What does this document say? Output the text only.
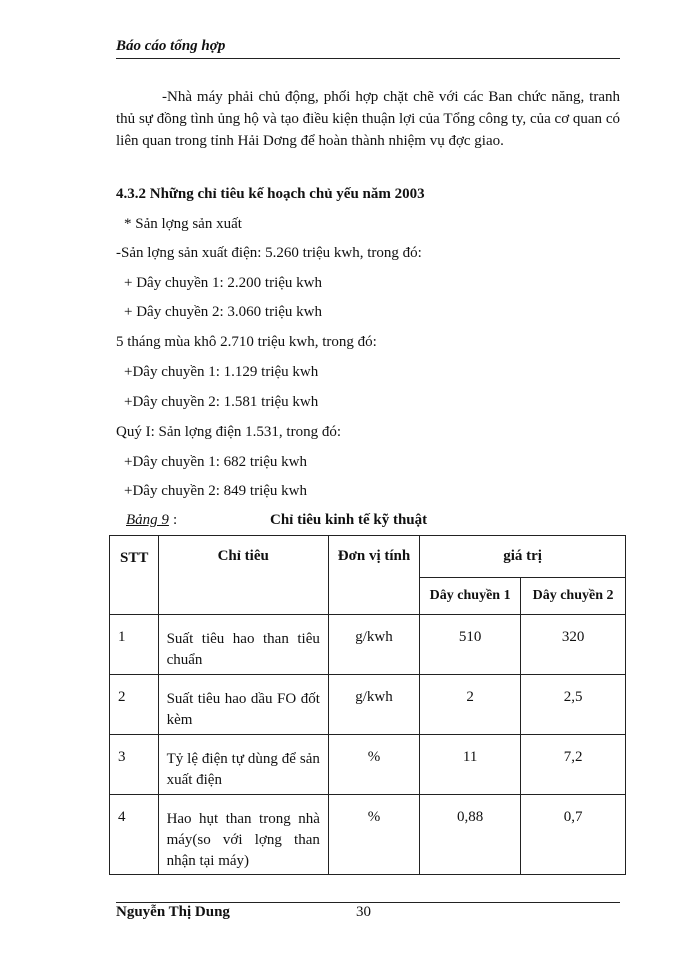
Báo cáo tổng hợp
-Nhà máy phải chủ động, phối hợp chặt chẽ với các Ban chức năng, tranh thủ sự đồng tình ủng hộ và tạo điều kiện thuận lợi của Tổng công ty, của cơ quan có liên quan trong tỉnh Hải Dơng để hoàn thành nhiệm vụ đợc giao.
4.3.2 Những chỉ tiêu kế hoạch chủ yếu năm 2003
* Sản lợng sản xuất
-Sản lợng sản xuất điện: 5.260 triệu kwh, trong đó:
+ Dây chuyền 1: 2.200 triệu kwh
+ Dây chuyền 2: 3.060 triệu kwh
5 tháng mùa khô 2.710 triệu kwh, trong đó:
+Dây chuyền 1: 1.129 triệu kwh
+Dây chuyền 2: 1.581 triệu kwh
Quý I: Sản lợng điện 1.531, trong đó:
+Dây chuyền 1: 682 triệu kwh
+Dây chuyền 2: 849 triệu kwh
Bảng 9 :	Chỉ tiêu kinh tế kỹ thuật
STT	Chỉ tiêu	Đơn vị tính	giá trị	
			Dây chuyền 1	Dây chuyền 2
1	Suất tiêu hao than tiêu chuẩn	g/kwh	510	320
2	Suất tiêu hao dầu FO đốt kèm	g/kwh	2	2,5
3	Tỷ lệ điện tự dùng để sản xuất điện	%	11	7,2
4	Hao hụt than trong nhà máy(so với lợng than nhận tại máy)	%	0,88	0,7
Nguyễn Thị Dung	30
